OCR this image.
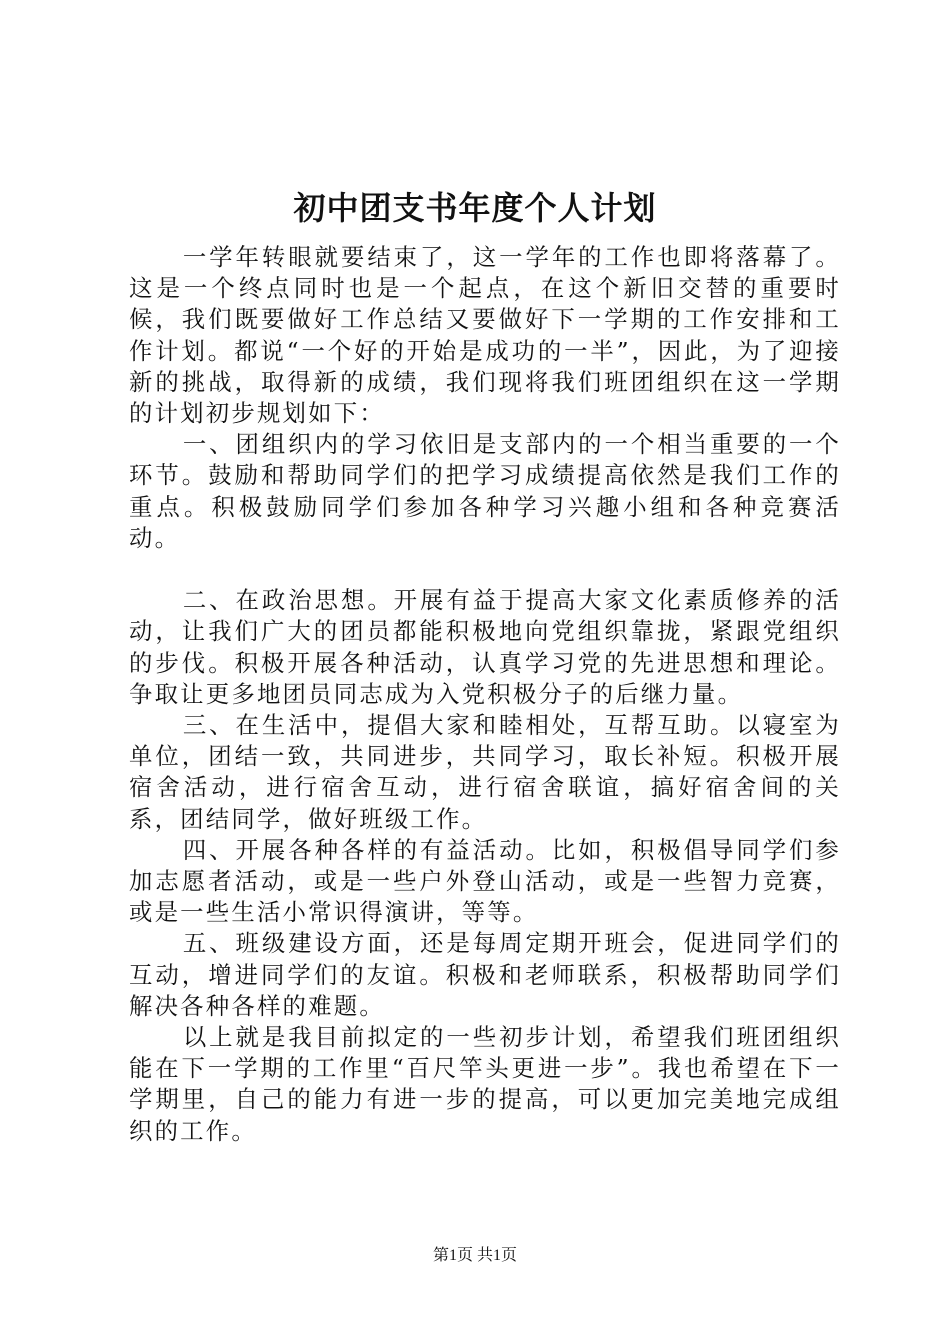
初中团支书年度个人计划

一学年转眼就要结束了，这一学年的工作也即将落幕了。这是一个终点同时也是一个起点，在这个新旧交替的重要时候，我们既要做好工作总结又要做好下一学期的工作安排和工作计划。都说“一个好的开始是成功的一半”，因此，为了迎接新的挑战，取得新的成绩，我们现将我们班团组织在这一学期的计划初步规划如下：

一、团组织内的学习依旧是支部内的一个相当重要的一个环节。鼓励和帮助同学们的把学习成绩提高依然是我们工作的重点。积极鼓励同学们参加各种学习兴趣小组和各种竞赛活动。

二、在政治思想。开展有益于提高大家文化素质修养的活动，让我们广大的团员都能积极地向党组织靠拢，紧跟党组织的步伐。积极开展各种活动，认真学习党的先进思想和理论。争取让更多地团员同志成为入党积极分子的后继力量。

三、在生活中，提倡大家和睦相处，互帮互助。以寝室为单位，团结一致，共同进步，共同学习，取长补短。积极开展宿舍活动，进行宿舍互动，进行宿舍联谊，搞好宿舍间的关系，团结同学，做好班级工作。

四、开展各种各样的有益活动。比如，积极倡导同学们参加志愿者活动，或是一些户外登山活动，或是一些智力竞赛，或是一些生活小常识得演讲，等等。

五、班级建设方面，还是每周定期开班会，促进同学们的互动，增进同学们的友谊。积极和老师联系，积极帮助同学们解决各种各样的难题。

以上就是我目前拟定的一些初步计划，希望我们班团组织能在下一学期的工作里“百尺竿头更进一步”。我也希望在下一学期里，自己的能力有进一步的提高，可以更加完美地完成组织的工作。

第1页 共1页
